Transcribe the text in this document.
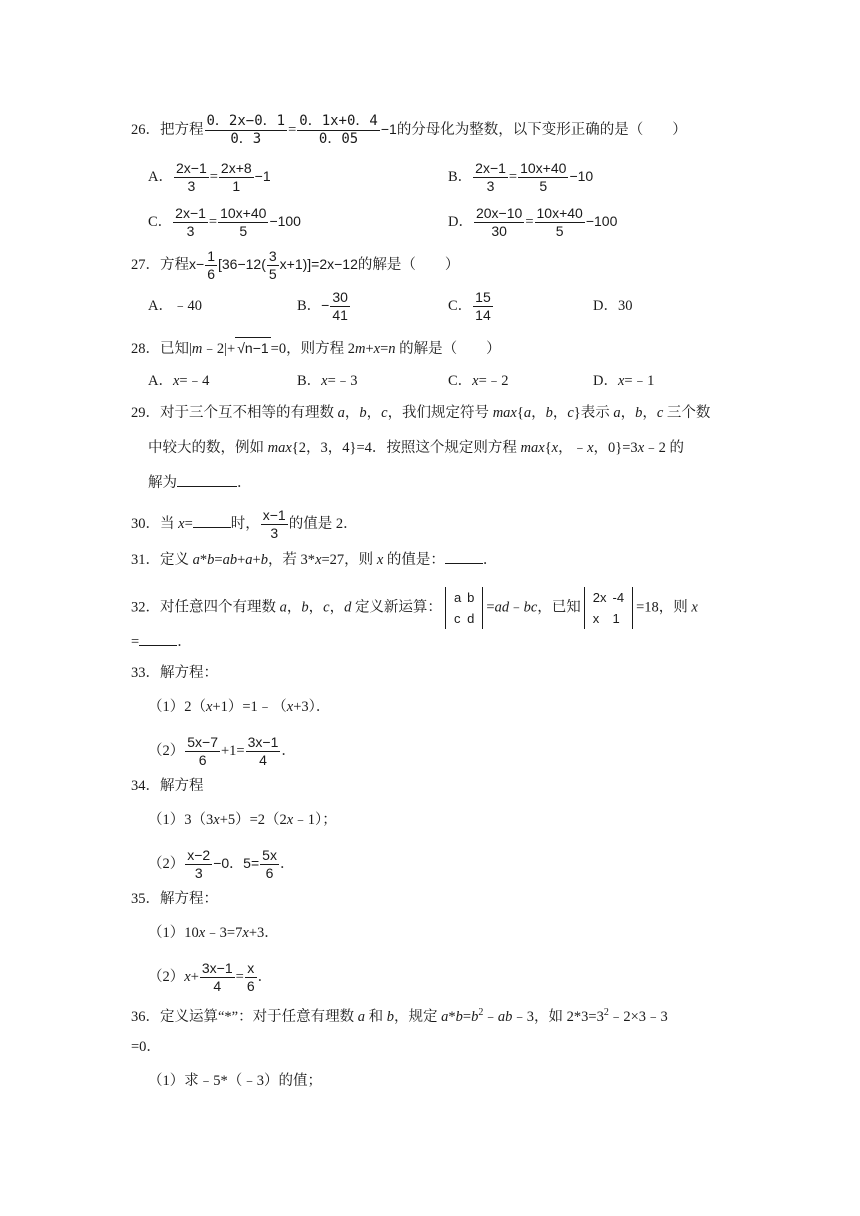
26．把方程 $\frac{0.2x-0.1}{0.3} = \frac{0.1x+0.4}{0.05} -1$的分母化为整数，以下变形正确的是（　　）
A． $\frac{2x-1}{3} = \frac{2x+8}{1} -1$	B． $\frac{2x-1}{3} = \frac{10x+40}{5} -10$
C． $\frac{2x-1}{3} = \frac{10x+40}{5} -100$	D． $\frac{20x-10}{30} = \frac{10x+40}{5} -100$
27．方程$x- \frac{1}{6} [36-12( \frac{3}{5} x+1)]=2x-12$的解是（　　）
A．﹣40	B．− $\frac{30}{41}$	C． $\frac{15}{14}$	D．30
28．已知|m﹣2|+ √n−1 =0，则方程 2m+x=n 的解是（　　）
A．x=﹣4	B．x=﹣3	C．x=﹣2	D．x=﹣1
29．对于三个互不相等的有理数 a，b，c，我们规定符号 max{a，b，c}表示 a，b，c 三个数
中较大的数，例如 max{2，3，4}=4．按照这个规定则方程 max{x，﹣x，0}=3x﹣2 的
解为	．
30．当 x=	时， $\frac{x-1}{3}$ 的值是 2．
31．定义 a*b=ab+a+b，若 3*x=27，则 x 的值是：	．
32．对任意四个有理数 a，b，c，d 定义新运算：
a	b
c	d
=ad﹣bc，已知
2x	-4
x	1
=18，则 x
=	．
33．解方程：
（1）2（x+1）=1﹣（x+3）．
$(2) \frac{5x-7}{6} +1= \frac{3x-1}{4}$ ．
34．解方程
（1）3（3x+5）=2（2x﹣1）；
$(2) \frac{x-2}{3} -0$．$5= \frac{5x}{6}$ ．
35．解方程：
（1）10x﹣3=7x+3．
$(2)x+ \frac{3x-1}{4} = \frac{x}{6}$ ．
36．定义运算“*”：对于任意有理数 a 和 b，规定 $a*b=b^2﹣ab﹣3$，如 $2*3=3^2﹣2\times 3﹣3$
=0．
（1）求﹣5*（﹣3）的值；
